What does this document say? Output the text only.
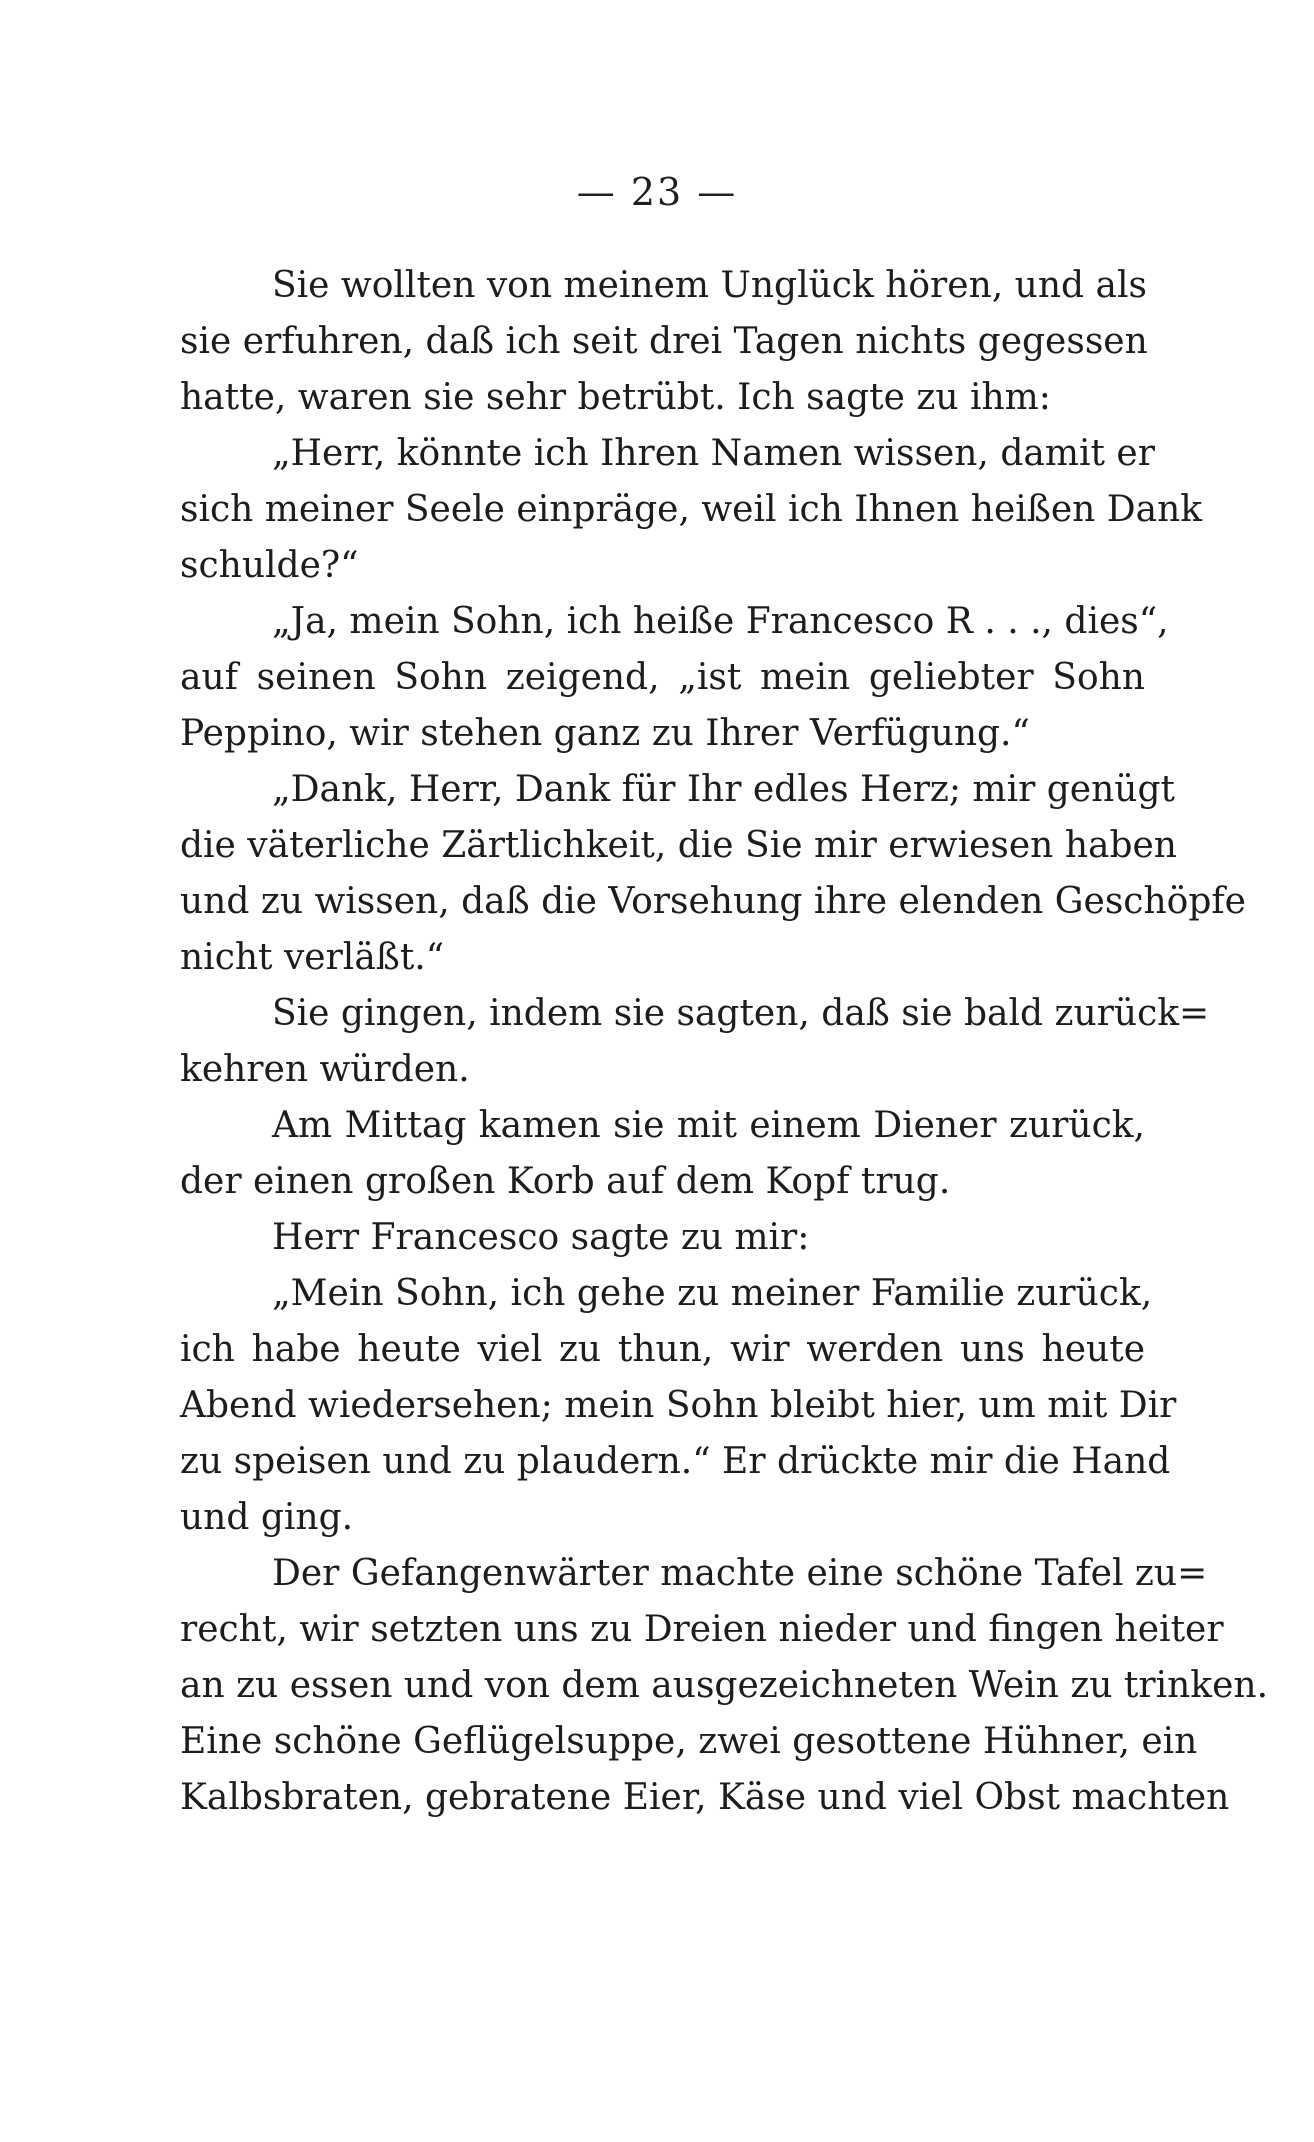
— 23 —
Sie wollten von meinem Unglück hören, und als
sie erfuhren, daß ich seit drei Tagen nichts gegessen
hatte, waren sie sehr betrübt. Ich sagte zu ihm:
„Herr, könnte ich Ihren Namen wissen, damit er
sich meiner Seele einpräge, weil ich Ihnen heißen Dank
schulde?“
„Ja, mein Sohn, ich heiße Francesco R . . ., dies“,
auf seinen Sohn zeigend, „ist mein geliebter Sohn
Peppino, wir stehen ganz zu Ihrer Verfügung.“
„Dank, Herr, Dank für Ihr edles Herz; mir genügt
die väterliche Zärtlichkeit, die Sie mir erwiesen haben
und zu wissen, daß die Vorsehung ihre elenden Geschöpfe
nicht verläßt.“
Sie gingen, indem sie sagten, daß sie bald zurück=
kehren würden.
Am Mittag kamen sie mit einem Diener zurück,
der einen großen Korb auf dem Kopf trug.
Herr Francesco sagte zu mir:
„Mein Sohn, ich gehe zu meiner Familie zurück,
ich habe heute viel zu thun, wir werden uns heute
Abend wiedersehen; mein Sohn bleibt hier, um mit Dir
zu speisen und zu plaudern.“ Er drückte mir die Hand
und ging.
Der Gefangenwärter machte eine schöne Tafel zu=
recht, wir setzten uns zu Dreien nieder und fingen heiter
an zu essen und von dem ausgezeichneten Wein zu trinken.
Eine schöne Geflügelsuppe, zwei gesottene Hühner, ein
Kalbsbraten, gebratene Eier, Käse und viel Obst machten
